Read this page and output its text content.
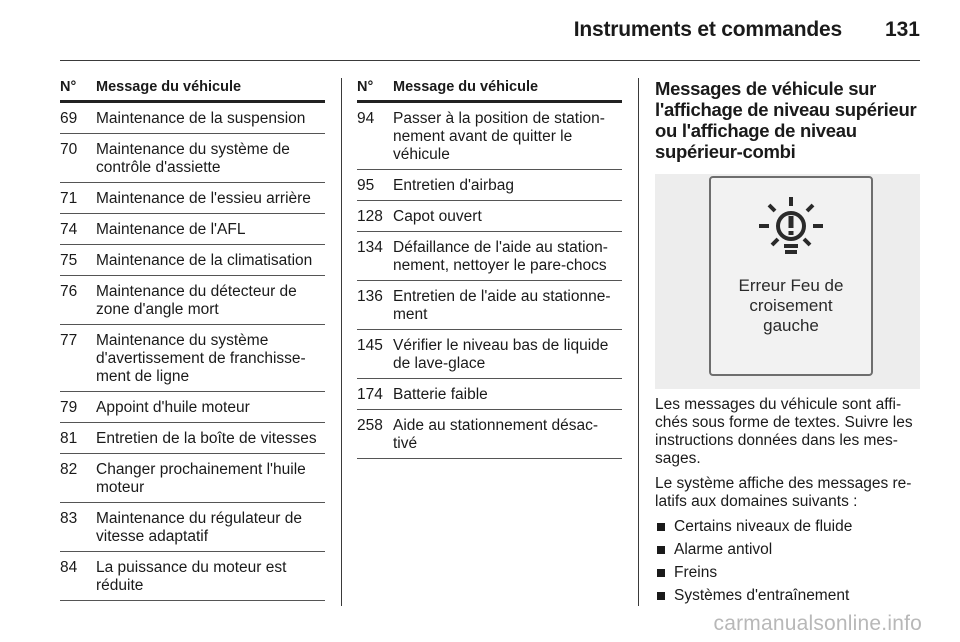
Instruments et commandes 131
N°	Message du véhicule
69	Maintenance de la suspension
70	Maintenance du système de
contrôle d'assiette
71	Maintenance de l'essieu arrière
74	Maintenance de l'AFL
75	Maintenance de la climatisation
76	Maintenance du détecteur de
zone d'angle mort
77	Maintenance du système
d'avertissement de franchisse-
ment de ligne
79	Appoint d'huile moteur
81	Entretien de la boîte de vitesses
82	Changer prochainement l'huile
moteur
83	Maintenance du régulateur de
vitesse adaptatif
84	La puissance du moteur est
réduite
N°	Message du véhicule
94	Passer à la position de station-
nement avant de quitter le
véhicule
95	Entretien d'airbag
128 Capot ouvert
134 Défaillance de l'aide au station-
nement, nettoyer le pare-chocs
136 Entretien de l'aide au stationne-
ment
145 Vérifier le niveau bas de liquide
de lave-glace
174 Batterie faible
258 Aide au stationnement désac-
tivé
Messages de véhicule sur
l'affichage de niveau supérieur
ou l'affichage de niveau
supérieur-combi
Erreur Feu de
croisement
gauche

Les messages du véhicule sont affi-
chés sous forme de textes. Suivre les
instructions données dans les mes-
sages.

Le système affiche des messages re-
latifs aux domaines suivants :

Certains niveaux de fluide
Alarme antivol
Freins
Systèmes d'entraînement
carmanualsonline.info
